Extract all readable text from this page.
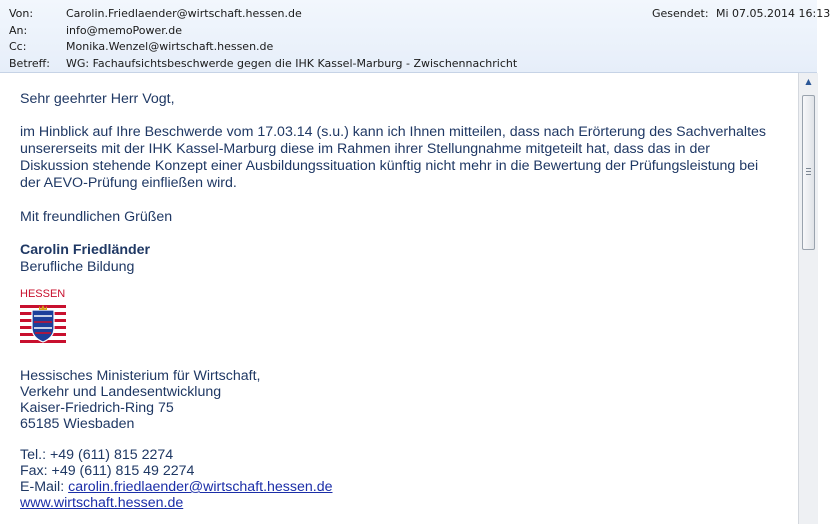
Von:	Carolin.Friedlaender@wirtschaft.hessen.de	Gesendet: Mi 07.05.2014 16:13
An:	info@memoPower.de
Cc:	Monika.Wenzel@wirtschaft.hessen.de
Betreff: WG: Fachaufsichtsbeschwerde gegen die IHK Kassel-Marburg - Zwischennachricht
Sehr geehrter Herr Vogt,
im Hinblick auf Ihre Beschwerde vom 17.03.14 (s.u.) kann ich Ihnen mitteilen, dass nach Erörterung des Sachverhaltes
unsererseits mit der IHK Kassel-Marburg diese im Rahmen ihrer Stellungnahme mitgeteilt hat, dass das in der
Diskussion stehende Konzept einer Ausbildungssituation künftig nicht mehr in die Bewertung der Prüfungsleistung bei
der AEVO-Prüfung einfließen wird.
Mit freundlichen Grüßen
Carolin Friedländer
Berufliche Bildung
HESSEN
Hessisches Ministerium für Wirtschaft,
Verkehr und Landesentwicklung
Kaiser-Friedrich-Ring 75
65185 Wiesbaden
Tel.: +49 (611) 815 2274
Fax: +49 (611) 815 49 2274
E-Mail: carolin.friedlaender@wirtschaft.hessen.de
www.wirtschaft.hessen.de
▲
